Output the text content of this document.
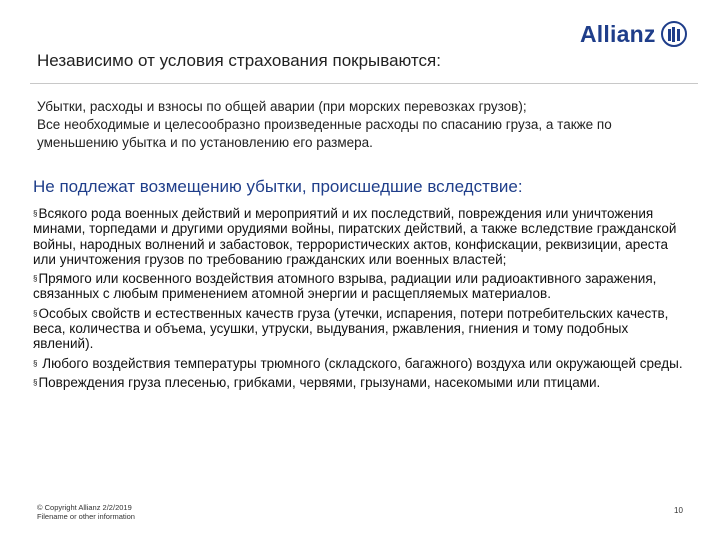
Allianz
Независимо от условия страхования покрываются:

Убытки, расходы и взносы по общей аварии (при морских перевозках грузов);

Все необходимые и целесообразно произведенные расходы по спасанию груза, а также по уменьшению убытка и по установлению его размера.

Не подлежат возмещению убытки, происшедшие вследствие:
§Всякого рода военных действий и мероприятий и их последствий, повреждения или уничтожения минами, торпедами и другими орудиями войны, пиратских действий, а также вследствие гражданской войны, народных волнений и забастовок, террористических актов, конфискации, реквизиции, ареста или уничтожения грузов по требованию гражданских или военных властей;
§Прямого или косвенного воздействия атомного взрыва, радиации или радиоактивного заражения, связанных с любым применением атомной энергии и расщепляемых материалов.
§Особых свойств и естественных качеств груза (утечки, испарения, потери потребительских качеств, веса, количества и объема, усушки, утруски, выдувания, ржавления, гниения и тому подобных явлений).
§ Любого воздействия температуры трюмного (складского, багажного) воздуха или окружающей среды.
§Повреждения груза плесенью, грибками, червями, грызунами, насекомыми или птицами.
© Copyright Allianz 2/2/2019
Filename or other information
10
